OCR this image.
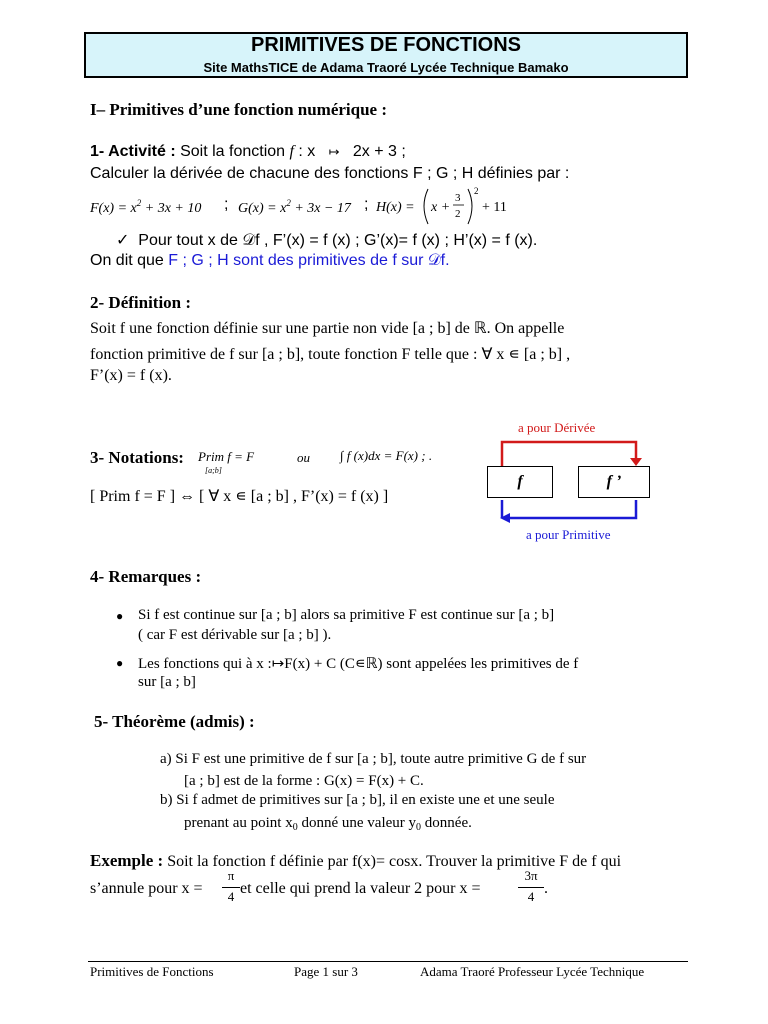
PRIMITIVES DE FONCTIONS
Site MathsTICE de Adama Traoré Lycée Technique Bamako
I– Primitives d’une fonction numérique :
1- Activité : Soit la fonction f : x ↦   2x + 3 ;
Calculer la dérivée de chacune des fonctions F ; G ; H définies par :
$F(x) = x^2 + 3x + 10$ ; $G(x) = x^2 + 3x - 17$ ; H(x) = x +
3
2
2
+ 11
✓ Pour tout x de 𝒟f , F’(x) = f (x) ; G’(x)= f (x) ; H’(x) = f (x).
On dit que F ; G ; H sont des primitives de f sur 𝒟f.
2- Définition :
Soit f une fonction définie sur une partie non vide [a ; b] de ℝ. On appelle
fonction primitive de f sur [a ; b], toute fonction F telle que : ∀ x ∊ [a ; b] ,
F’(x) = f (x).
3- Notations: Prim f = F
[a;b]
ou ∫ f (x)dx = F(x) ; .
[ Prim f = F ] ⇔ [ ∀ x ∊ [a ; b] , F’(x) = f (x) ]
a pour Dérivée
f	f ’
a pour Primitive
4- Remarques :
● Si f est continue sur [a ; b] alors sa primitive F est continue sur [a ; b]
( car F est dérivable sur [a ; b] ).
● Les fonctions qui à x :↦F(x) + C (C∊ℝ) sont appelées les primitives de f
sur [a ; b]
5- Théorème (admis) :
a) Si F est une primitive de f sur [a ; b], toute autre primitive G de f sur
[a ; b] est de la forme : G(x) = F(x) + C.
b) Si f admet de primitives sur [a ; b], il en existe une et une seule
prenant au point $x_0$ donné une valeur $y_0$ donnée.
Exemple : Soit la fonction f définie par f(x)= cosx. Trouver la primitive F de f qui
s’annule pour x =
π
4 et celle qui prend la valeur 2 pour x =
3π
4 .
Primitives de Fonctions	Page 1 sur 3	Adama Traoré Professeur Lycée Technique
